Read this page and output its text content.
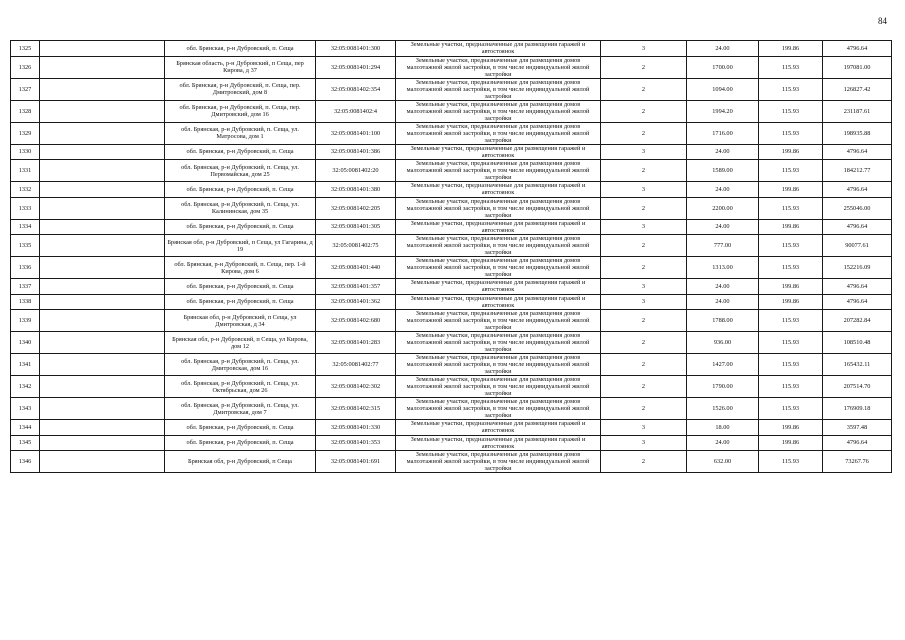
84
1325		обл. Брянская, р-н Дубровский, п. Сеща	32:05:0081401:300	Земельные участки, предназначенные для размещения гаражей и автостоянок	3	24.00	199.86	4796.64
1326		Брянская область, р-н Дубровский, п Сеща, пер Кирова, д 37	32:05:0081401:294	Земельные участки, предназначенные для размещения домов малоэтажной жилой застройки, в том числе индивидуальной жилой застройки	2	1700.00	115.93	197081.00
1327		обл. Брянская, р-н Дубровский, п. Сеща, пер. Дмитровский, дом 8	32:05:0081402:354	Земельные участки, предназначенные для размещения домов малоэтажной жилой застройки, в том числе индивидуальной жилой застройки	2	1094.00	115.93	126827.42
1328		обл. Брянская, р-н Дубровский, п. Сеща, пер. Дмитровский, дом 16	32:05:0081402:4	Земельные участки, предназначенные для размещения домов малоэтажной жилой застройки, в том числе индивидуальной жилой застройки	2	1994.20	115.93	231187.61
1329		обл. Брянская, р-н Дубровский, п. Сеща, ул. Матросова, дом 1	32:05:0081401:100	Земельные участки, предназначенные для размещения домов малоэтажной жилой застройки, в том числе индивидуальной жилой застройки	2	1716.00	115.93	198935.88
1330		обл. Брянская, р-н Дубровский, п. Сеща	32:05:0081401:386	Земельные участки, предназначенные для размещения гаражей и автостоянок	3	24.00	199.86	4796.64
1331		обл. Брянская, р-н Дубровский, п. Сеща, ул. Первомайская, дом 25	32:05:0081402:20	Земельные участки, предназначенные для размещения домов малоэтажной жилой застройки, в том числе индивидуальной жилой застройки	2	1589.00	115.93	184212.77
1332		обл. Брянская, р-н Дубровский, п. Сеща	32:05:0081401:380	Земельные участки, предназначенные для размещения гаражей и автостоянок	3	24.00	199.86	4796.64
1333		обл. Брянская, р-н Дубровский, п. Сеща, ул. Калининская, дом 35	32:05:0081402:205	Земельные участки, предназначенные для размещения домов малоэтажной жилой застройки, в том числе индивидуальной жилой застройки	2	2200.00	115.93	255046.00
1334		обл. Брянская, р-н Дубровский, п. Сеща	32:05:0081401:305	Земельные участки, предназначенные для размещения гаражей и автостоянок	3	24.00	199.86	4796.64
1335		Брянская обл, р-н Дубровский, п Сеща, ул Гагарина, д 19	32:05:0081402:75	Земельные участки, предназначенные для размещения домов малоэтажной жилой застройки, в том числе индивидуальной жилой застройки	2	777.00	115.93	90077.61
1336		обл. Брянская, р-н Дубровский, п. Сеща, пер. 1-й Кирова, дом 6	32:05:0081401:440	Земельные участки, предназначенные для размещения домов малоэтажной жилой застройки, в том числе индивидуальной жилой застройки	2	1313.00	115.93	152216.09
1337		обл. Брянская, р-н Дубровский, п. Сеща	32:05:0081401:357	Земельные участки, предназначенные для размещения гаражей и автостоянок	3	24.00	199.86	4796.64
1338		обл. Брянская, р-н Дубровский, п. Сеща	32:05:0081401:362	Земельные участки, предназначенные для размещения гаражей и автостоянок	3	24.00	199.86	4796.64
1339		Брянская обл, р-н Дубровский, п Сеща, ул Дмитровская, д 34	32:05:0081402:680	Земельные участки, предназначенные для размещения домов малоэтажной жилой застройки, в том числе индивидуальной жилой застройки	2	1788.00	115.93	207282.84
1340		Брянская обл, р-н Дубровский, п Сеща, ул Кирова, дом 12	32:05:0081401:283	Земельные участки, предназначенные для размещения домов малоэтажной жилой застройки, в том числе индивидуальной жилой застройки	2	936.00	115.93	108510.48
1341		обл. Брянская, р-н Дубровский, п. Сеща, ул. Дмитровская, дом 16	32:05:0081402:77	Земельные участки, предназначенные для размещения домов малоэтажной жилой застройки, в том числе индивидуальной жилой застройки	2	1427.00	115.93	165432.11
1342		обл. Брянская, р-н Дубровский, п. Сеща, ул. Октябрьская, дом 26	32:05:0081402:302	Земельные участки, предназначенные для размещения домов малоэтажной жилой застройки, в том числе индивидуальной жилой застройки	2	1790.00	115.93	207514.70
1343		обл. Брянская, р-н Дубровский, п. Сеща, ул. Дмитровская, дом 7	32:05:0081402:315	Земельные участки, предназначенные для размещения домов малоэтажной жилой застройки, в том числе индивидуальной жилой застройки	2	1526.00	115.93	176909.18
1344		обл. Брянская, р-н Дубровский, п. Сеща	32:05:0081401:330	Земельные участки, предназначенные для размещения гаражей и автостоянок	3	18.00	199.86	3597.48
1345		обл. Брянская, р-н Дубровский, п. Сеща	32:05:0081401:353	Земельные участки, предназначенные для размещения гаражей и автостоянок	3	24.00	199.86	4796.64
1346		Брянская обл, р-н Дубровский, п Сеща	32:05:0081401:691	Земельные участки, предназначенные для размещения домов малоэтажной жилой застройки, в том числе индивидуальной жилой застройки	2	632.00	115.93	73267.76
